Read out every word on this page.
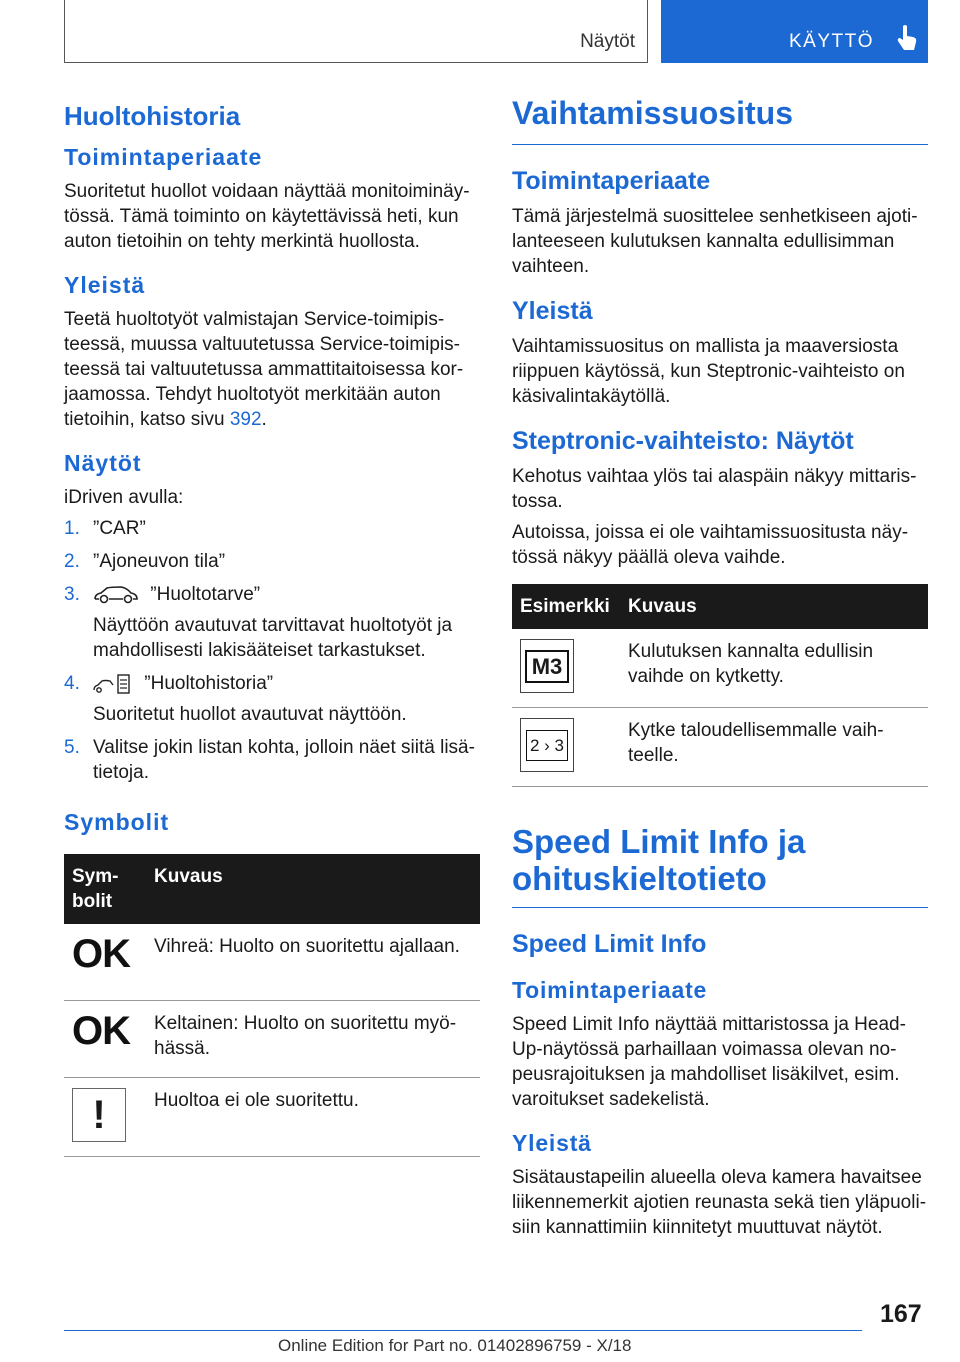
Näytöt	KÄYTTÖ
Huoltohistoria
Toimintaperiaate

Suoritetut huollot voidaan näyttää monitoiminäytössä. Tämä toiminto on käytettävissä heti, kun auton tietoihin on tehty merkintä huollosta.

Yleistä

Teetä huoltotyöt valmistajan Service-toimipisteessä, muussa valtuutetussa Service-toimipisteessä tai valtuutetussa ammattitaitoisessa korjaamossa. Tehdyt huoltotyöt merkitään auton tietoihin, katso sivu 392.

Näytöt

iDriven avulla:

1. ”CAR”
2. ”Ajoneuvon tila”
3.	”Huoltotarve”
Näyttöön avautuvat tarvittavat huoltotyöt ja mahdollisesti lakisääteiset tarkastukset.
4.	”Huoltohistoria”
Suoritetut huollot avautuvat näyttöön.
5. Valitse jokin listan kohta, jolloin näet siitä lisätietoja.
Symbolit
Symbolit	Kuvaus
OK	Vihreä: Huolto on suoritettu ajallaan.
OK	Keltainen: Huolto on suoritettu myöhässä.
!	Huoltoa ei ole suoritettu.
Vaihtamissuositus
Toimintaperiaate

Tämä järjestelmä suosittelee senhetkiseen ajotilanteeseen kulutuksen kannalta edullisimman vaihteen.

Yleistä

Vaihtamissuositus on mallista ja maaversiosta riippuen käytössä, kun Steptronic-vaihteisto on käsivalintakäytöllä.

Steptronic-vaihteisto: Näytöt

Kehotus vaihtaa ylös tai alaspäin näkyy mittaristossa.

Autoissa, joissa ei ole vaihtamissuositusta näytössä näkyy päällä oleva vaihde.

Esimerkki	Kuvaus

M3	Kulutuksen kannalta edullisin vaihde on kytketty.

2 › 3	Kytke taloudellisemmalle vaihteelle.
Speed Limit Info ja ohituskieltotieto
Speed Limit Info
Toimintaperiaate

Speed Limit Info näyttää mittaristossa ja Head-Up-näytössä parhaillaan voimassa olevan nopeusrajoituksen ja mahdolliset lisäkilvet, esim. varoitukset sadekelistä.

Yleistä

Sisätaustapeilin alueella oleva kamera havaitsee liikennemerkit ajotien reunasta sekä tien yläpuolisiin kannattimiin kiinnitetyt muuttuvat näytöt.

167
Online Edition for Part no. 01402896759 - X/18
